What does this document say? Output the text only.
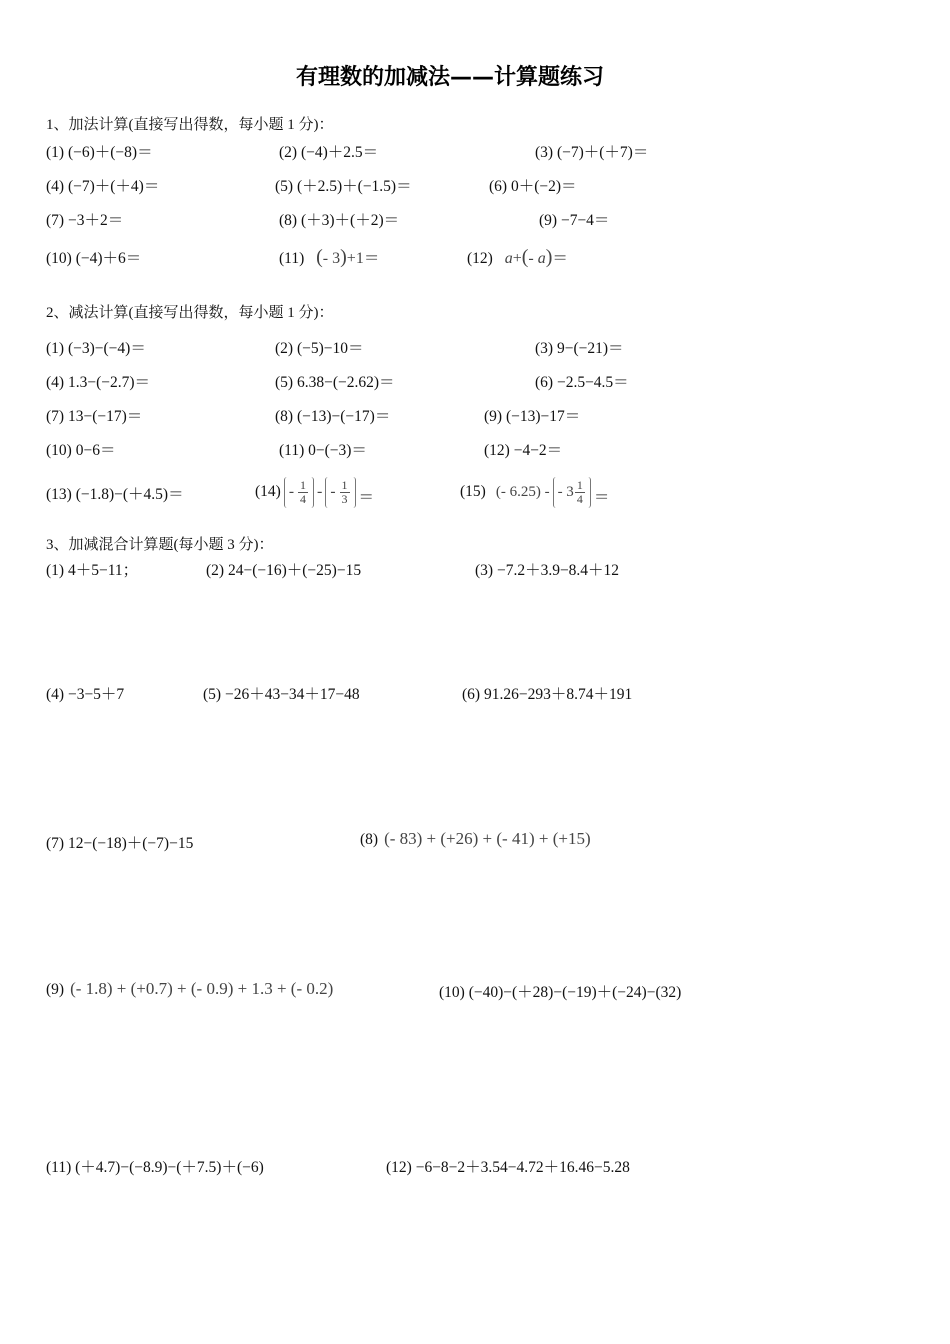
有理数的加减法——计算题练习
1、加法计算(直接写出得数，每小题 1 分)：
(1) (−6)＋(−8)＝	(2) (−4)＋2.5＝	(3) (−7)＋(＋7)＝
(4) (−7)＋(＋4)＝	(5) (＋2.5)＋(−1.5)＝	(6) 0＋(−2)＝
(7) −3＋2＝	(8) (＋3)＋(＋2)＝	(9) −7−4＝
(10) (−4)＋6＝	(11) (- 3)+1＝	(12) a+(- a)＝
2、减法计算(直接写出得数，每小题 1 分)：
(1) (−3)−(−4)＝	(2) (−5)−10＝	(3) 9−(−21)＝
(4) 1.3−(−2.7)＝	(5) 6.38−(−2.62)＝	(6) −2.5−4.5＝
(7) 13−(−17)＝	(8) (−13)−(−17)＝	(9) (−13)−17＝
(10) 0−6＝	(11) 0−(−3)＝	(12) −4−2＝
(13) (−1.8)−(＋4.5)＝	$(14) - \frac{1}{4}$ - - $\frac{1}{3}$ ＝	(15) (- 6.25) - - $3 \frac{1}{4}$ ＝
3、加减混合计算题(每小题 3 分)：
(1) 4＋5−11；	(2) 24−(−16)＋(−25)−15	(3) −7.2＋3.9−8.4＋12
(4) −3−5＋7	(5) −26＋43−34＋17−48	(6) 91.26−293＋8.74＋191
(7) 12−(−18)＋(−7)−15	(8) (- 83) + (+26) + (- 41) + (+15)
(9) (- 1.8) + (+0.7) + (- 0.9) + 1.3 + (- 0.2)	(10) (−40)−(＋28)−(−19)＋(−24)−(32)
(11) (＋4.7)−(−8.9)−(＋7.5)＋(−6)	(12) −6−8−2＋3.54−4.72＋16.46−5.28
